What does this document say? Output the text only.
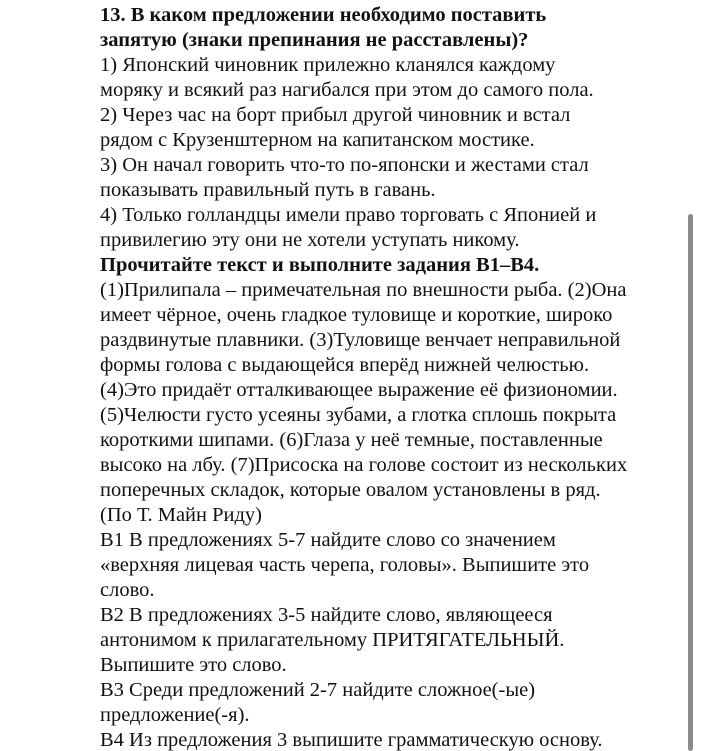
13. В каком предложении необходимо поставить
запятую (знаки препинания не расставлены)?
1) Японский чиновник прилежно кланялся каждому
моряку и всякий раз нагибался при этом до самого пола.
2) Через час на борт прибыл другой чиновник и встал
рядом с Крузенштерном на капитанском мостике.
3) Он начал говорить что-то по-японски и жестами стал
показывать правильный путь в гавань.
4) Только голландцы имели право торговать с Японией и
привилегию эту они не хотели уступать никому.
Прочитайте текст и выполните задания В1–В4.
(1)Прилипала – примечательная по внешности рыба. (2)Она
имеет чёрное, очень гладкое туловище и короткие, широко
раздвинутые плавники. (3)Туловище венчает неправильной
формы голова с выдающейся вперёд нижней челюстью.
(4)Это придаёт отталкивающее выражение её физиономии.
(5)Челюсти густо усеяны зубами, а глотка сплошь покрыта
короткими шипами. (6)Глаза у неё темные, поставленные
высоко на лбу. (7)Присоска на голове состоит из нескольких
поперечных складок, которые овалом установлены в ряд.
(По Т. Майн Риду)
В1 В предложениях 5-7 найдите слово со значением
«верхняя лицевая часть черепа, головы». Выпишите это
слово.
В2 В предложениях 3-5 найдите слово, являющееся
антонимом к прилагательному ПРИТЯГАТЕЛЬНЫЙ.
Выпишите это слово.
В3 Среди предложений 2-7 найдите сложное(-ые)
предложение(-я).
В4 Из предложения 3 выпишите грамматическую основу.
